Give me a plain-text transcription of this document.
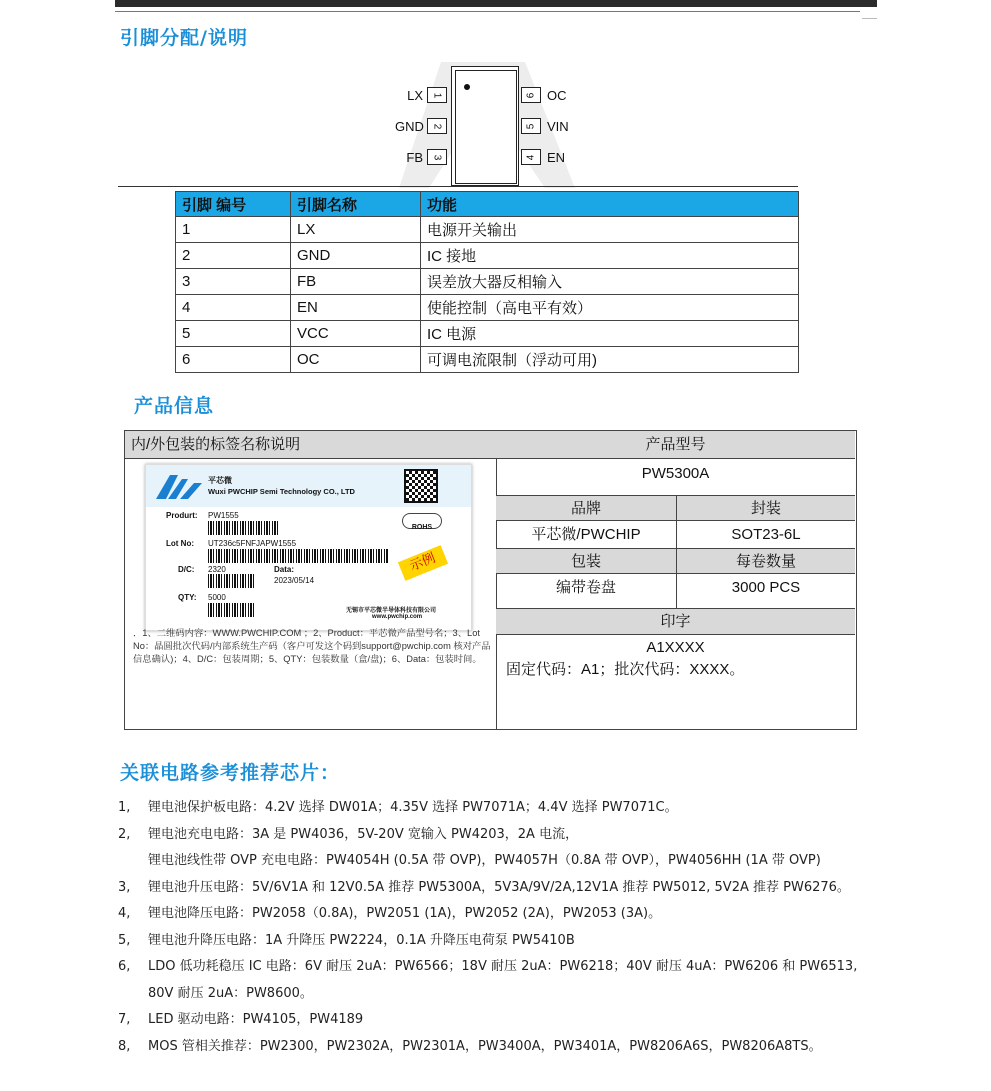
引脚分配/说明
LX 1
GND 2
FB 3
6 OC
5 VIN
4 EN
引脚 编号	引脚名称	功能
1	LX	电源开关输出
2	GND	IC 接地
3	FB	误差放大器反相输入
4	EN	使能控制（高电平有效）
5	VCC	IC 电源
6	OC	可调电流限制（浮动可用)
产品信息
内/外包装的标签名称说明
平芯微
Wuxi PWCHIP Semi Technology CO., LTD
Produrt: PW1555
ROHS
Lot No: UT236c5FNFJAPW1555
D/C: 2320	Data:
2023/05/14
示例
QTY: 5000
无锡市平芯微半导体科技有限公司
www.pwchip.com
．1、二维码内容：WWW.PWCHIP.COM ；2、Product：平芯微产品型号名；3、Lot No：晶圆批次代码/内部系统生产码（客户可发这个码到support@pwchip.com 核对产品信息确认)；4、D/C：包装周期；5、QTY：包装数量（盒/盘)；6、Data：包装时间。
产品型号
PW5300A
品牌	封装
平芯微/PWCHIP	SOT23-6L
包装	每卷数量
编带卷盘	3000 PCS
印字
A1XXXX
固定代码：A1；批次代码：XXXX。
关联电路参考推荐芯片：
1,	锂电池保护板电路：4.2V 选择 DW01A；4.35V 选择 PW7071A；4.4V 选择 PW7071C。
2,	锂电池充电电路：3A 是 PW4036，5V-20V 宽输入 PW4203，2A 电流，
锂电池线性带 OVP 充电电路：PW4054H (0.5A 带 OVP)，PW4057H（0.8A 带 OVP），PW4056HH (1A 带 OVP)
3,	锂电池升压电路：5V/6V1A 和 12V0.5A 推荐 PW5300A，5V3A/9V/2A,12V1A 推荐 PW5012, 5V2A 推荐 PW6276。
4,	锂电池降压电路：PW2058（0.8A)，PW2051 (1A)，PW2052 (2A)，PW2053 (3A)。
5,	锂电池升降压电路：1A 升降压 PW2224，0.1A 升降压电荷泵 PW5410B
6,	LDO 低功耗稳压 IC 电路：6V 耐压 2uA：PW6566；18V 耐压 2uA：PW6218；40V 耐压 4uA：PW6206 和 PW6513,
80V 耐压 2uA：PW8600。
7,	LED 驱动电路：PW4105，PW4189
8,	MOS 管相关推荐：PW2300，PW2302A，PW2301A，PW3400A，PW3401A，PW8206A6S，PW8206A8TS。
